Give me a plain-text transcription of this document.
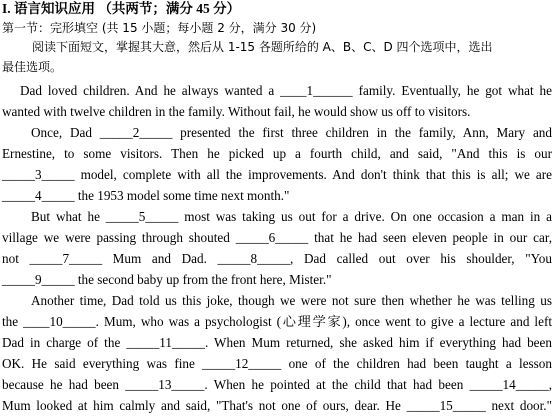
I. 语言知识应用 （共两节；满分 45 分）
第一节：完形填空 (共 15 小题；每小题 2 分，满分 30 分)
阅读下面短文，掌握其大意，然后从 1-15 各题所给的 A、B、C、D 四个选项中，选出
最佳选项。
Dad loved children. And he always wanted a ____1______ family. Eventually, he got what he
wanted with twelve children in the family. Without fail, he would show us off to visitors.
Once, Dad _____2_____ presented the first three children in the family, Ann, Mary and
Ernestine, to some visitors. Then he picked up a fourth child, and said, "And this is our
_____3_____ model, complete with all the improvements. And don't think that this is all; we are
_____4_____ the 1953 model some time next month."
But what he _____5_____ most was taking us out for a drive. On one occasion a man in a
village we were passing through shouted _____6_____ that he had seen eleven people in our car,
not _____7_____ Mum and Dad. _____8_____, Dad called out over his shoulder, "You
_____9_____ the second baby up from the front here, Mister."
Another time, Dad told us this joke, though we were not sure then whether he was telling us
the ____10_____. Mum, who was a psychologist (心理学家), once went to give a lecture and left
Dad in charge of the _____11_____. When Mum returned, she asked him if everything had been
OK. He said everything was fine _____12_____ one of the children had been taught a lesson
because he had been _____13_____. When he pointed at the child that had been _____14_____,
Mum looked at him calmly and said, "That's not one of ours, dear. He _____15_____ next door."
